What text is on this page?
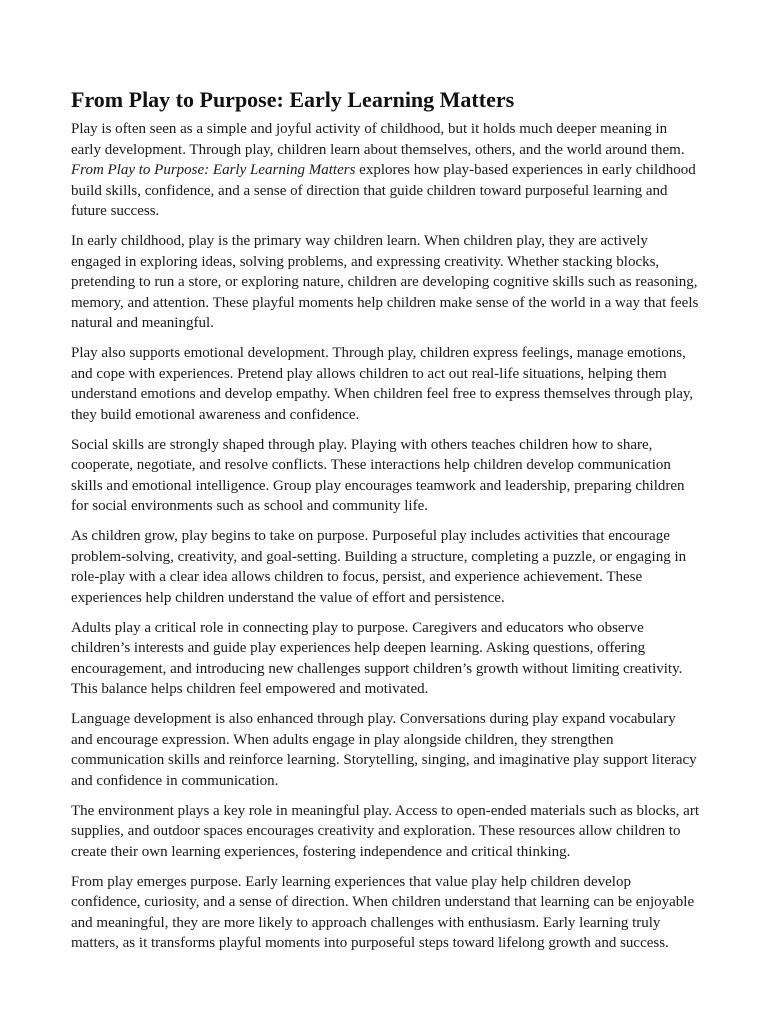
From Play to Purpose: Early Learning Matters

Play is often seen as a simple and joyful activity of childhood, but it holds much deeper meaning in early development. Through play, children learn about themselves, others, and the world around them. From Play to Purpose: Early Learning Matters explores how play-based experiences in early childhood build skills, confidence, and a sense of direction that guide children toward purposeful learning and future success.

In early childhood, play is the primary way children learn. When children play, they are actively engaged in exploring ideas, solving problems, and expressing creativity. Whether stacking blocks, pretending to run a store, or exploring nature, children are developing cognitive skills such as reasoning, memory, and attention. These playful moments help children make sense of the world in a way that feels natural and meaningful.

Play also supports emotional development. Through play, children express feelings, manage emotions, and cope with experiences. Pretend play allows children to act out real-life situations, helping them understand emotions and develop empathy. When children feel free to express themselves through play, they build emotional awareness and confidence.

Social skills are strongly shaped through play. Playing with others teaches children how to share, cooperate, negotiate, and resolve conflicts. These interactions help children develop communication skills and emotional intelligence. Group play encourages teamwork and leadership, preparing children for social environments such as school and community life.

As children grow, play begins to take on purpose. Purposeful play includes activities that encourage problem-solving, creativity, and goal-setting. Building a structure, completing a puzzle, or engaging in role-play with a clear idea allows children to focus, persist, and experience achievement. These experiences help children understand the value of effort and persistence.

Adults play a critical role in connecting play to purpose. Caregivers and educators who observe children’s interests and guide play experiences help deepen learning. Asking questions, offering encouragement, and introducing new challenges support children’s growth without limiting creativity. This balance helps children feel empowered and motivated.

Language development is also enhanced through play. Conversations during play expand vocabulary and encourage expression. When adults engage in play alongside children, they strengthen communication skills and reinforce learning. Storytelling, singing, and imaginative play support literacy and confidence in communication.

The environment plays a key role in meaningful play. Access to open-ended materials such as blocks, art supplies, and outdoor spaces encourages creativity and exploration. These resources allow children to create their own learning experiences, fostering independence and critical thinking.

From play emerges purpose. Early learning experiences that value play help children develop confidence, curiosity, and a sense of direction. When children understand that learning can be enjoyable and meaningful, they are more likely to approach challenges with enthusiasm. Early learning truly matters, as it transforms playful moments into purposeful steps toward lifelong growth and success.
